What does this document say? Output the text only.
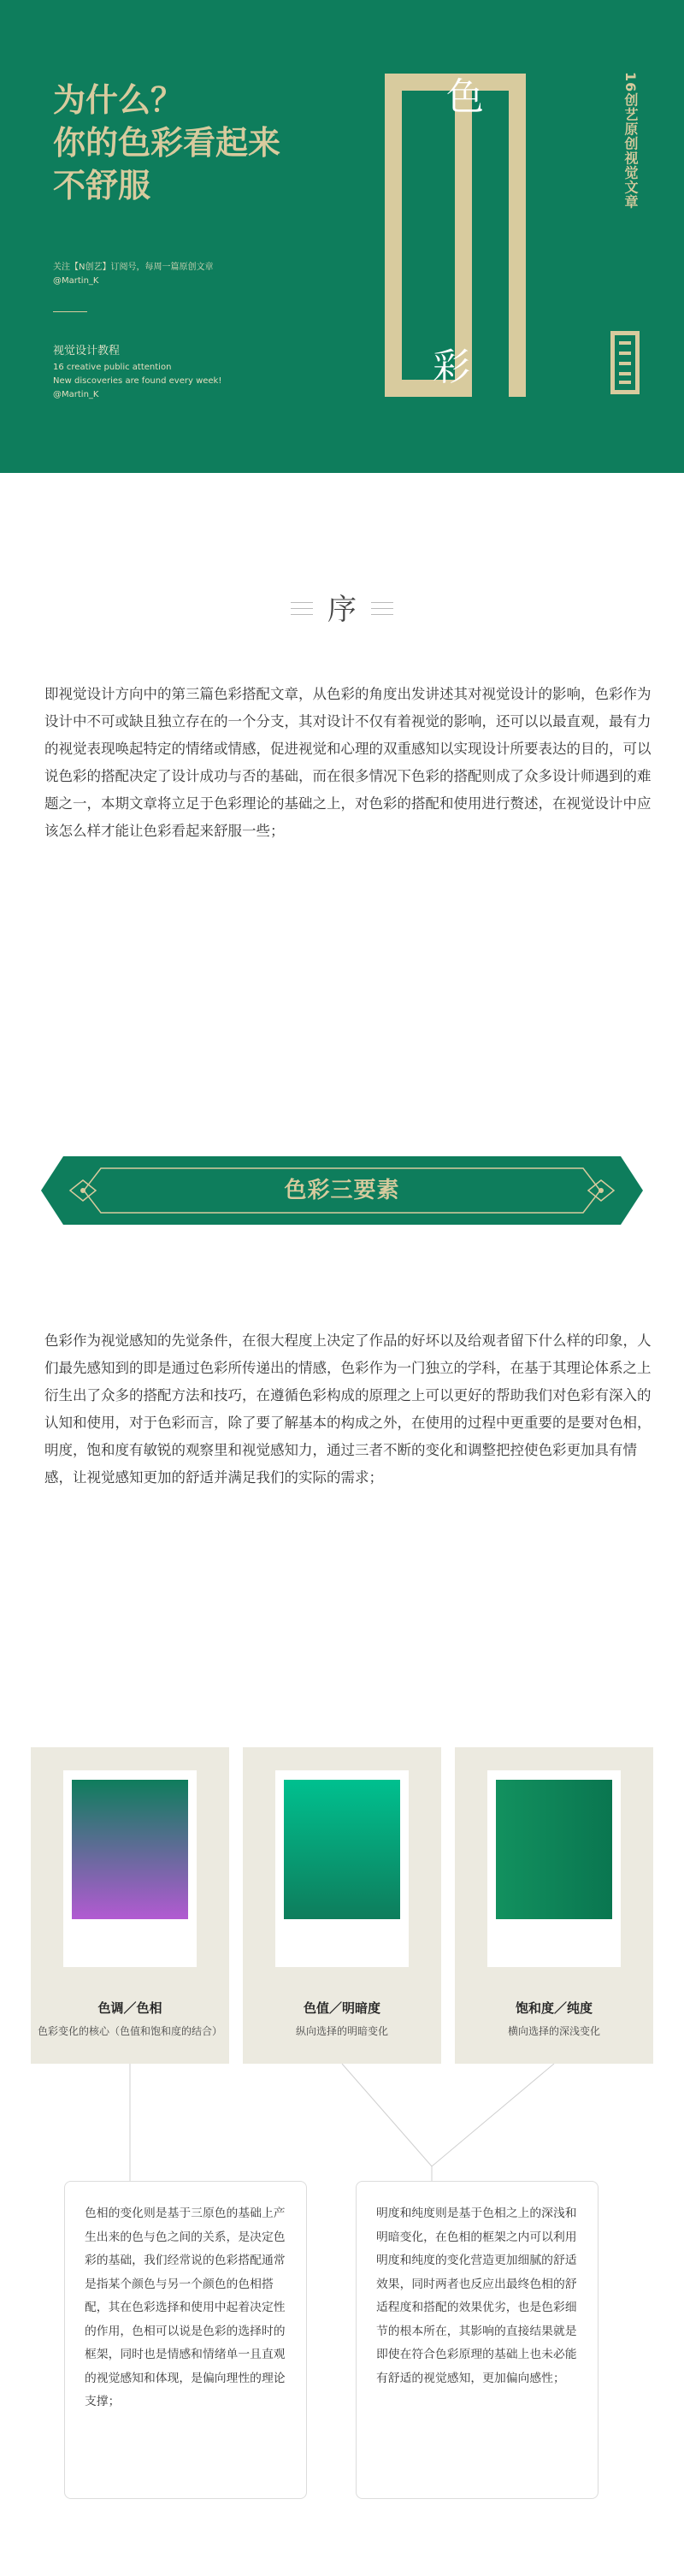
为什么？
你的色彩看起来
不舒服
关注【N创艺】订阅号，每周一篇原创文章
@Martin_K
视觉设计教程
16 creative public attention
New discoveries are found every week!
@Martin_K
色
彩
16创艺原创视觉文章
序
即视觉设计方向中的第三篇色彩搭配文章，从色彩的角度出发讲述其对视觉设计的影响，色彩作为设计中不可或缺且独立存在的一个分支，其对设计不仅有着视觉的影响，还可以以最直观，最有力的视觉表现唤起特定的情绪或情感，促进视觉和心理的双重感知以实现设计所要表达的目的，可以说色彩的搭配决定了设计成功与否的基础，而在很多情况下色彩的搭配则成了众多设计师遇到的难题之一，本期文章将立足于色彩理论的基础之上，对色彩的搭配和使用进行赘述，在视觉设计中应该怎么样才能让色彩看起来舒服一些；
色彩三要素
色彩作为视觉感知的先觉条件，在很大程度上决定了作品的好坏以及给观者留下什么样的印象，人们最先感知到的即是通过色彩所传递出的情感，色彩作为一门独立的学科，在基于其理论体系之上衍生出了众多的搭配方法和技巧，在遵循色彩构成的原理之上可以更好的帮助我们对色彩有深入的认知和使用，对于色彩而言，除了要了解基本的构成之外，在使用的过程中更重要的是要对色相，明度，饱和度有敏锐的观察里和视觉感知力，通过三者不断的变化和调整把控使色彩更加具有情感，让视觉感知更加的舒适并满足我们的实际的需求；
色调／色相
色彩变化的核心（色值和饱和度的结合）
色值／明暗度
纵向选择的明暗变化
饱和度／纯度
横向选择的深浅变化
色相的变化则是基于三原色的基础上产生出来的色与色之间的关系，是决定色彩的基础，我们经常说的色彩搭配通常是指某个颜色与另一个颜色的色相搭配，其在色彩选择和使用中起着决定性的作用，色相可以说是色彩的选择时的框架，同时也是情感和情绪单一且直观的视觉感知和体现，是偏向理性的理论支撑；
明度和纯度则是基于色相之上的深浅和明暗变化，在色相的框架之内可以利用明度和纯度的变化营造更加细腻的舒适效果，同时两者也反应出最终色相的舒适程度和搭配的效果优劣，也是色彩细节的根本所在，其影响的直接结果就是即使在符合色彩原理的基础上也未必能有舒适的视觉感知，更加偏向感性；
